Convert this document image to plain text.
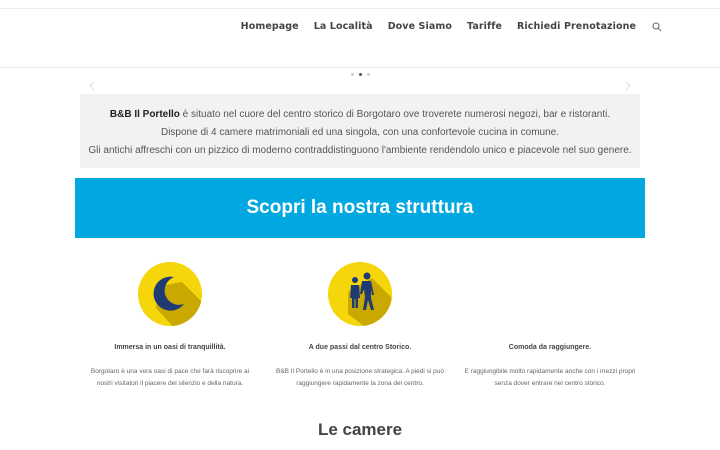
Homepage La Località Dove Siamo Tariffe Richiedi Prenotazione
B&B Il Portello è situato nel cuore del centro storico di Borgotaro ove troverete numerosi negozi, bar e ristoranti.
Dispone di 4 camere matrimoniali ed una singola, con una confortevole cucina in comune.
Gli antichi affreschi con un pizzico di moderno contraddistinguono l'ambiente rendendolo unico e piacevole nel suo genere.
Scopri la nostra struttura
Immersa in un oasi di tranquillità.

Borgotaro è una vera oasi di pace che farà riscoprire ai nostri visitatori il piacere del silenzio e della natura.

A due passi dal centro Storico.

B&B Il Portello è in una posizione strategica. A piedi si può raggiungere rapidamente la zona del centro.

Comoda da raggiungere.

E raggiungibile molto rapidamente anche con i mezzi propri senza dover entrare nel centro storico.

Le camere
